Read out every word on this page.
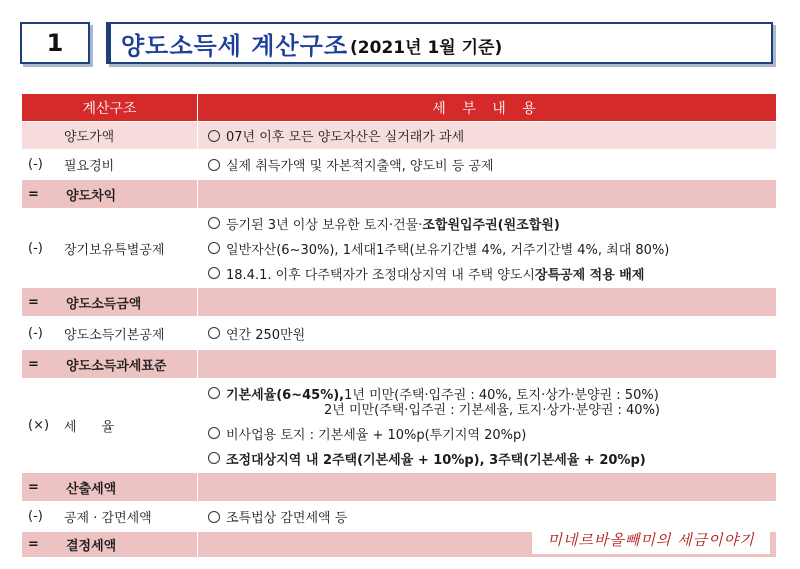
1	양도소득세 계산구조 (2021년 1월 기준)
계산구조	세 부 내 용
양도가액	07년 이후 모든 양도자산은 실거래가 과세
(-)	필요경비	실제 취득가액 및 자본적지출액, 양도비 등 공제
=	양도차익
(-)	장기보유특별공제
등기된 3년 이상 보유한 토지·건물· 조합원입주권(원조합원)
일반자산(6~30%), 1세대1주택(보유기간별 4%, 거주기간별 4%, 최대 80%)
18.4.1. 이후 다주택자가 조정대상지역 내 주택 양도시 장특공제 적용 배제
=	양도소득금액
(-)	양도소득기본공제	연간 250만원
=	양도소득과세표준
(×)	세      율
기본세율(6~45%), 1년 미만(주택·입주권 : 40%, 토지·상가·분양권 : 50%)
2년 미만(주택·입주권 : 기본세율, 토지·상가·분양권 : 40%)
비사업용 토지 : 기본세율 + 10%p(투기지역 20%p)
조정대상지역 내 2주택(기본세율 + 10%p), 3주택(기본세율 + 20%p)
=	산출세액
(-)	공제 · 감면세액	조특법상 감면세액 등
=	결정세액	미네르바올빼미의 세금이야기
